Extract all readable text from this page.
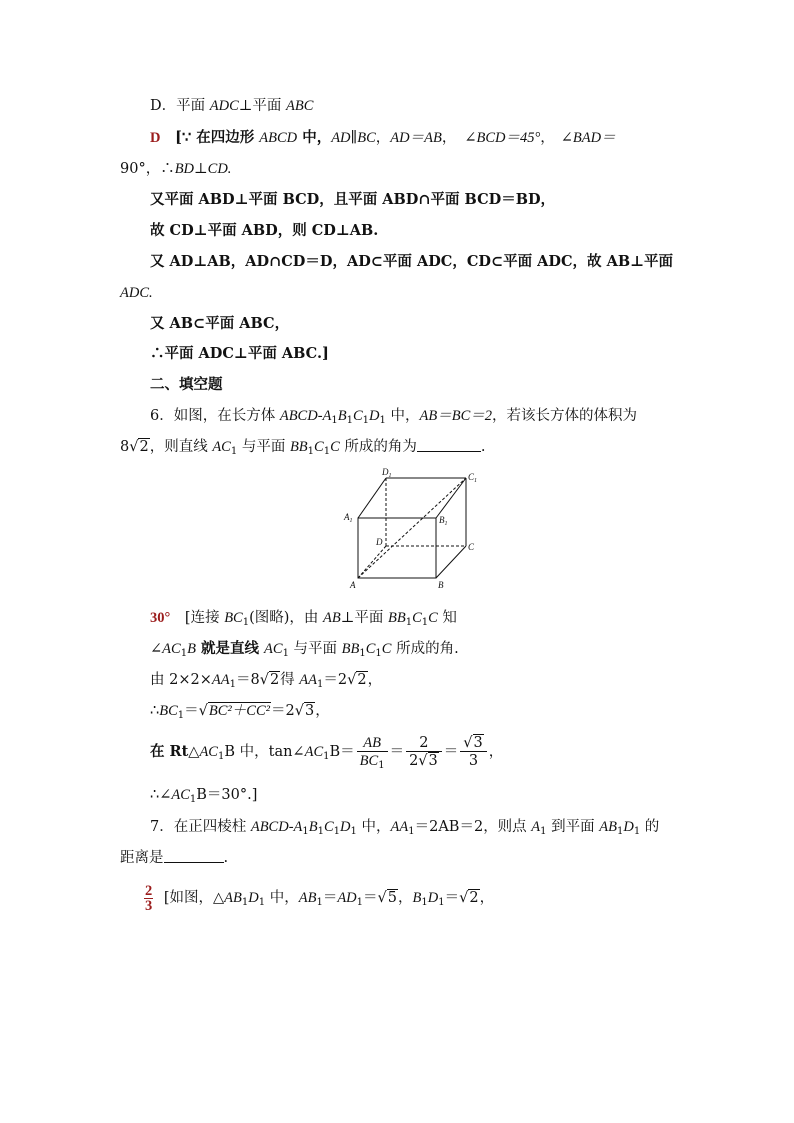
D．平面 ADC⊥平面 ABC
D [∵ 在四边形 ABCD 中，AD∥BC，AD＝AB， ∠BCD＝45°， ∠BAD＝
90°，∴BD⊥CD.
又平面 ABD⊥平面 BCD，且平面 ABD∩平面 BCD＝BD，
故 CD⊥平面 ABD，则 CD⊥AB.
又 AD⊥AB，AD∩CD＝D，AD⊂平面 ADC，CD⊂平面 ADC，故 AB⊥平面
ADC.
又 AB⊂平面 ABC，
∴平面 ADC⊥平面 ABC.]
二、填空题
6．如图，在长方体 ABCD-$A_1B_1C_1D_1$ 中，AB＝BC＝2，若该长方体的体积为
8√2，则直线 $AC_1$ 与平面 $BB_1C_1C$ 所成的角为	.
$A_1$
$D_1$	$C_1$
$B_1$
D	C
A	B
30° [连接 $BC_1$(图略)，由 AB⊥平面 $BB_1C_1C$ 知
$\angle AC_1B$ 就是直线 $AC_1$ 与平面 $BB_1C_1C$ 所成的角.
由 $2\times 2\times AA_1=8√2$得 $AA_1=2√2$，
$\therefore BC_1=√BC^2+CC^2=2√3$，
在 $Rt\triangle AC_1B$ 中，$\tan\angle AC_1B= \frac{AB}{BC_1} = \frac{2}{2√3} = \frac{√3}{3}$ ，
$\therefore\angle AC_1B=30^\circ$.]
7．在正四棱柱 ABCD-$A_1B_1C_1D_1$ 中，$AA_1=2AB=2$，则点 $A_1$ 到平面 $AB_1D_1$ 的
距离是	.
$\frac{2}{3}$ [如图，$\triangle AB_1D_1$ 中，$AB_1=AD_1=√5$，$B_1D_1=√2$，
